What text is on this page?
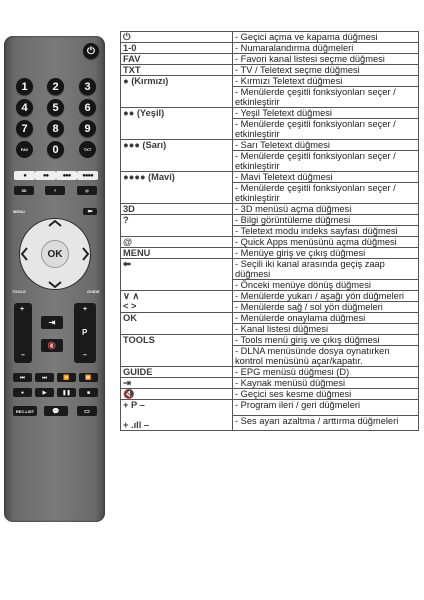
⏻
1	2	3
4	5	6
7	8	9
FAV	0	TXT
●	●●	●●●	●●●●
3D	?	@
MENU	⬅
OK
TOOLS	GUIDE
+
–
⇥
🔇
+
P
–
⏮	⏭	⏪	⏩
●	▶	❚❚	■
REC.LIST	💬	▭
⏻	- Geçici açma ve kapama düğmesi

1-0	- Numaralandırma düğmeleri

FAV	- Favori kanal listesi seçme düğmesi

TXT	- TV / Teletext seçme düğmesi

● (Kırmızı)	- Kırmızı Teletext düğmesi
	- Menülerde çeşitli fonksiyonları seçer / etkinleştirir

●● (Yeşil)	- Yeşil Teletext düğmesi
	- Menülerde çeşitli fonksiyonları seçer / etkinleştirir

●●● (Sarı)	- Sarı Teletext düğmesi
	- Menülerde çeşitli fonksiyonları seçer / etkinleştirir

●●●● (Mavi)	- Mavi Teletext düğmesi
	- Menülerde çeşitli fonksiyonları seçer / etkinleştirir

3D	- 3D menüsü açma düğmesi

?	- Bilgi görüntüleme düğmesi
	- Teletext modu indeks sayfası düğmesi

@	- Quick Apps menüsünü açma düğmesi

MENU	- Menüye giriş ve çıkış düğmesi

⬅	- Seçili iki kanal arasında geçiş zaap düğmesi
	- Önceki menüye dönüş düğmesi

∨ ∧
< >	- Menülerde yukarı / aşağı yön düğmeleri
	- Menülerde sağ / sol yön düğmeleri

OK	- Menülerde onaylama düğmesi
	- Kanal listesi düğmesi

TOOLS	- Tools menü giriş ve çıkış düğmesi
	- DLNA menüsünde dosya oynatırken kontrol menüsünü açar/kapatır.

GUIDE	- EPG menüsü düğmesi (D)

⇥	- Kaynak menüsü düğmesi

🔇	- Geçici ses kesme düğmesi

+ P –

+ .ıll –	- Program ileri / geri düğmeleri
	- Ses ayarı azaltma / arttırma düğmeleri
